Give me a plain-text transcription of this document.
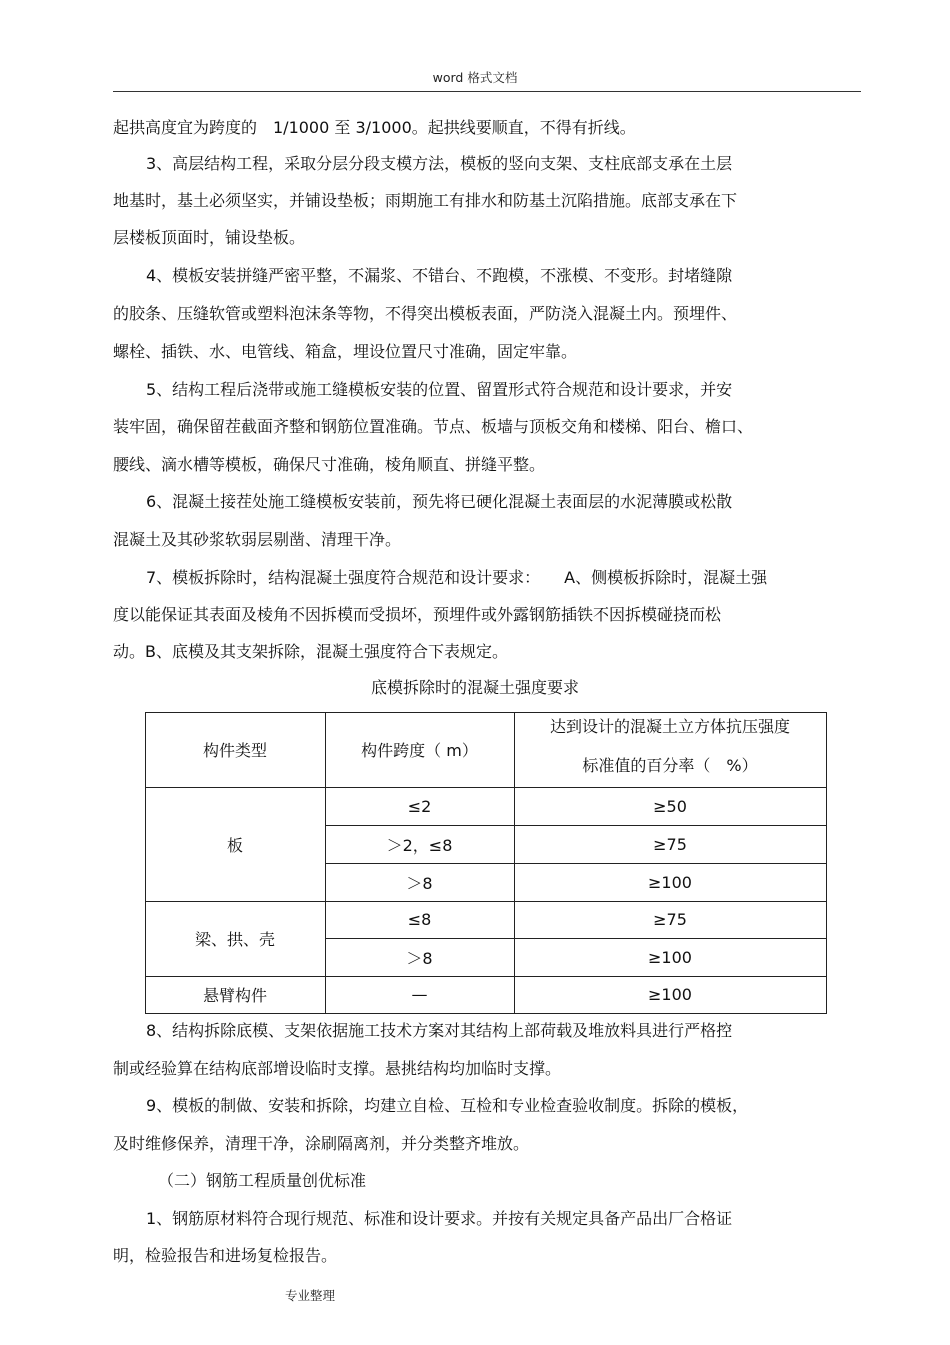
word 格式文档
起拱高度宜为跨度的　1/1000 至 3/1000。起拱线要顺直，不得有折线。
3、高层结构工程，采取分层分段支模方法，模板的竖向支架、支柱底部支承在土层
地基时，基土必须坚实，并铺设垫板；雨期施工有排水和防基土沉陷措施。底部支承在下
层楼板顶面时，铺设垫板。
4、模板安装拼缝严密平整，不漏浆、不错台、不跑模，不涨模、不变形。封堵缝隙
的胶条、压缝软管或塑料泡沫条等物，不得突出模板表面，严防浇入混凝土内。预埋件、
螺栓、插铁、水、电管线、箱盒，埋设位置尺寸准确，固定牢靠。
5、结构工程后浇带或施工缝模板安装的位置、留置形式符合规范和设计要求，并安
装牢固，确保留茬截面齐整和钢筋位置准确。节点、板墙与顶板交角和楼梯、阳台、檐口、
腰线、滴水槽等模板，确保尺寸准确，棱角顺直、拼缝平整。
6、混凝土接茬处施工缝模板安装前，预先将已硬化混凝土表面层的水泥薄膜或松散
混凝土及其砂浆软弱层剔凿、清理干净。
7、模板拆除时，结构混凝土强度符合规范和设计要求：　　A、侧模板拆除时，混凝土强
度以能保证其表面及棱角不因拆模而受损坏，预埋件或外露钢筋插铁不因拆模碰挠而松
动。B、底模及其支架拆除，混凝土强度符合下表规定。
底模拆除时的混凝土强度要求
构件类型	构件跨度（ m）
达到设计的混凝土立方体抗压强度
标准值的百分率（　%）
板
≤2	≥50
＞2，≤8	≥75
＞8	≥100
梁、拱、壳
≤8	≥75
＞8	≥100
悬臂构件	—	≥100
8、结构拆除底模、支架依据施工技术方案对其结构上部荷载及堆放料具进行严格控
制或经验算在结构底部增设临时支撑。悬挑结构均加临时支撑。
9、模板的制做、安装和拆除，均建立自检、互检和专业检查验收制度。拆除的模板，
及时维修保养，清理干净，涂刷隔离剂，并分类整齐堆放。
（二）钢筋工程质量创优标准
1、钢筋原材料符合现行规范、标准和设计要求。并按有关规定具备产品出厂合格证
明，检验报告和进场复检报告。
专业整理
